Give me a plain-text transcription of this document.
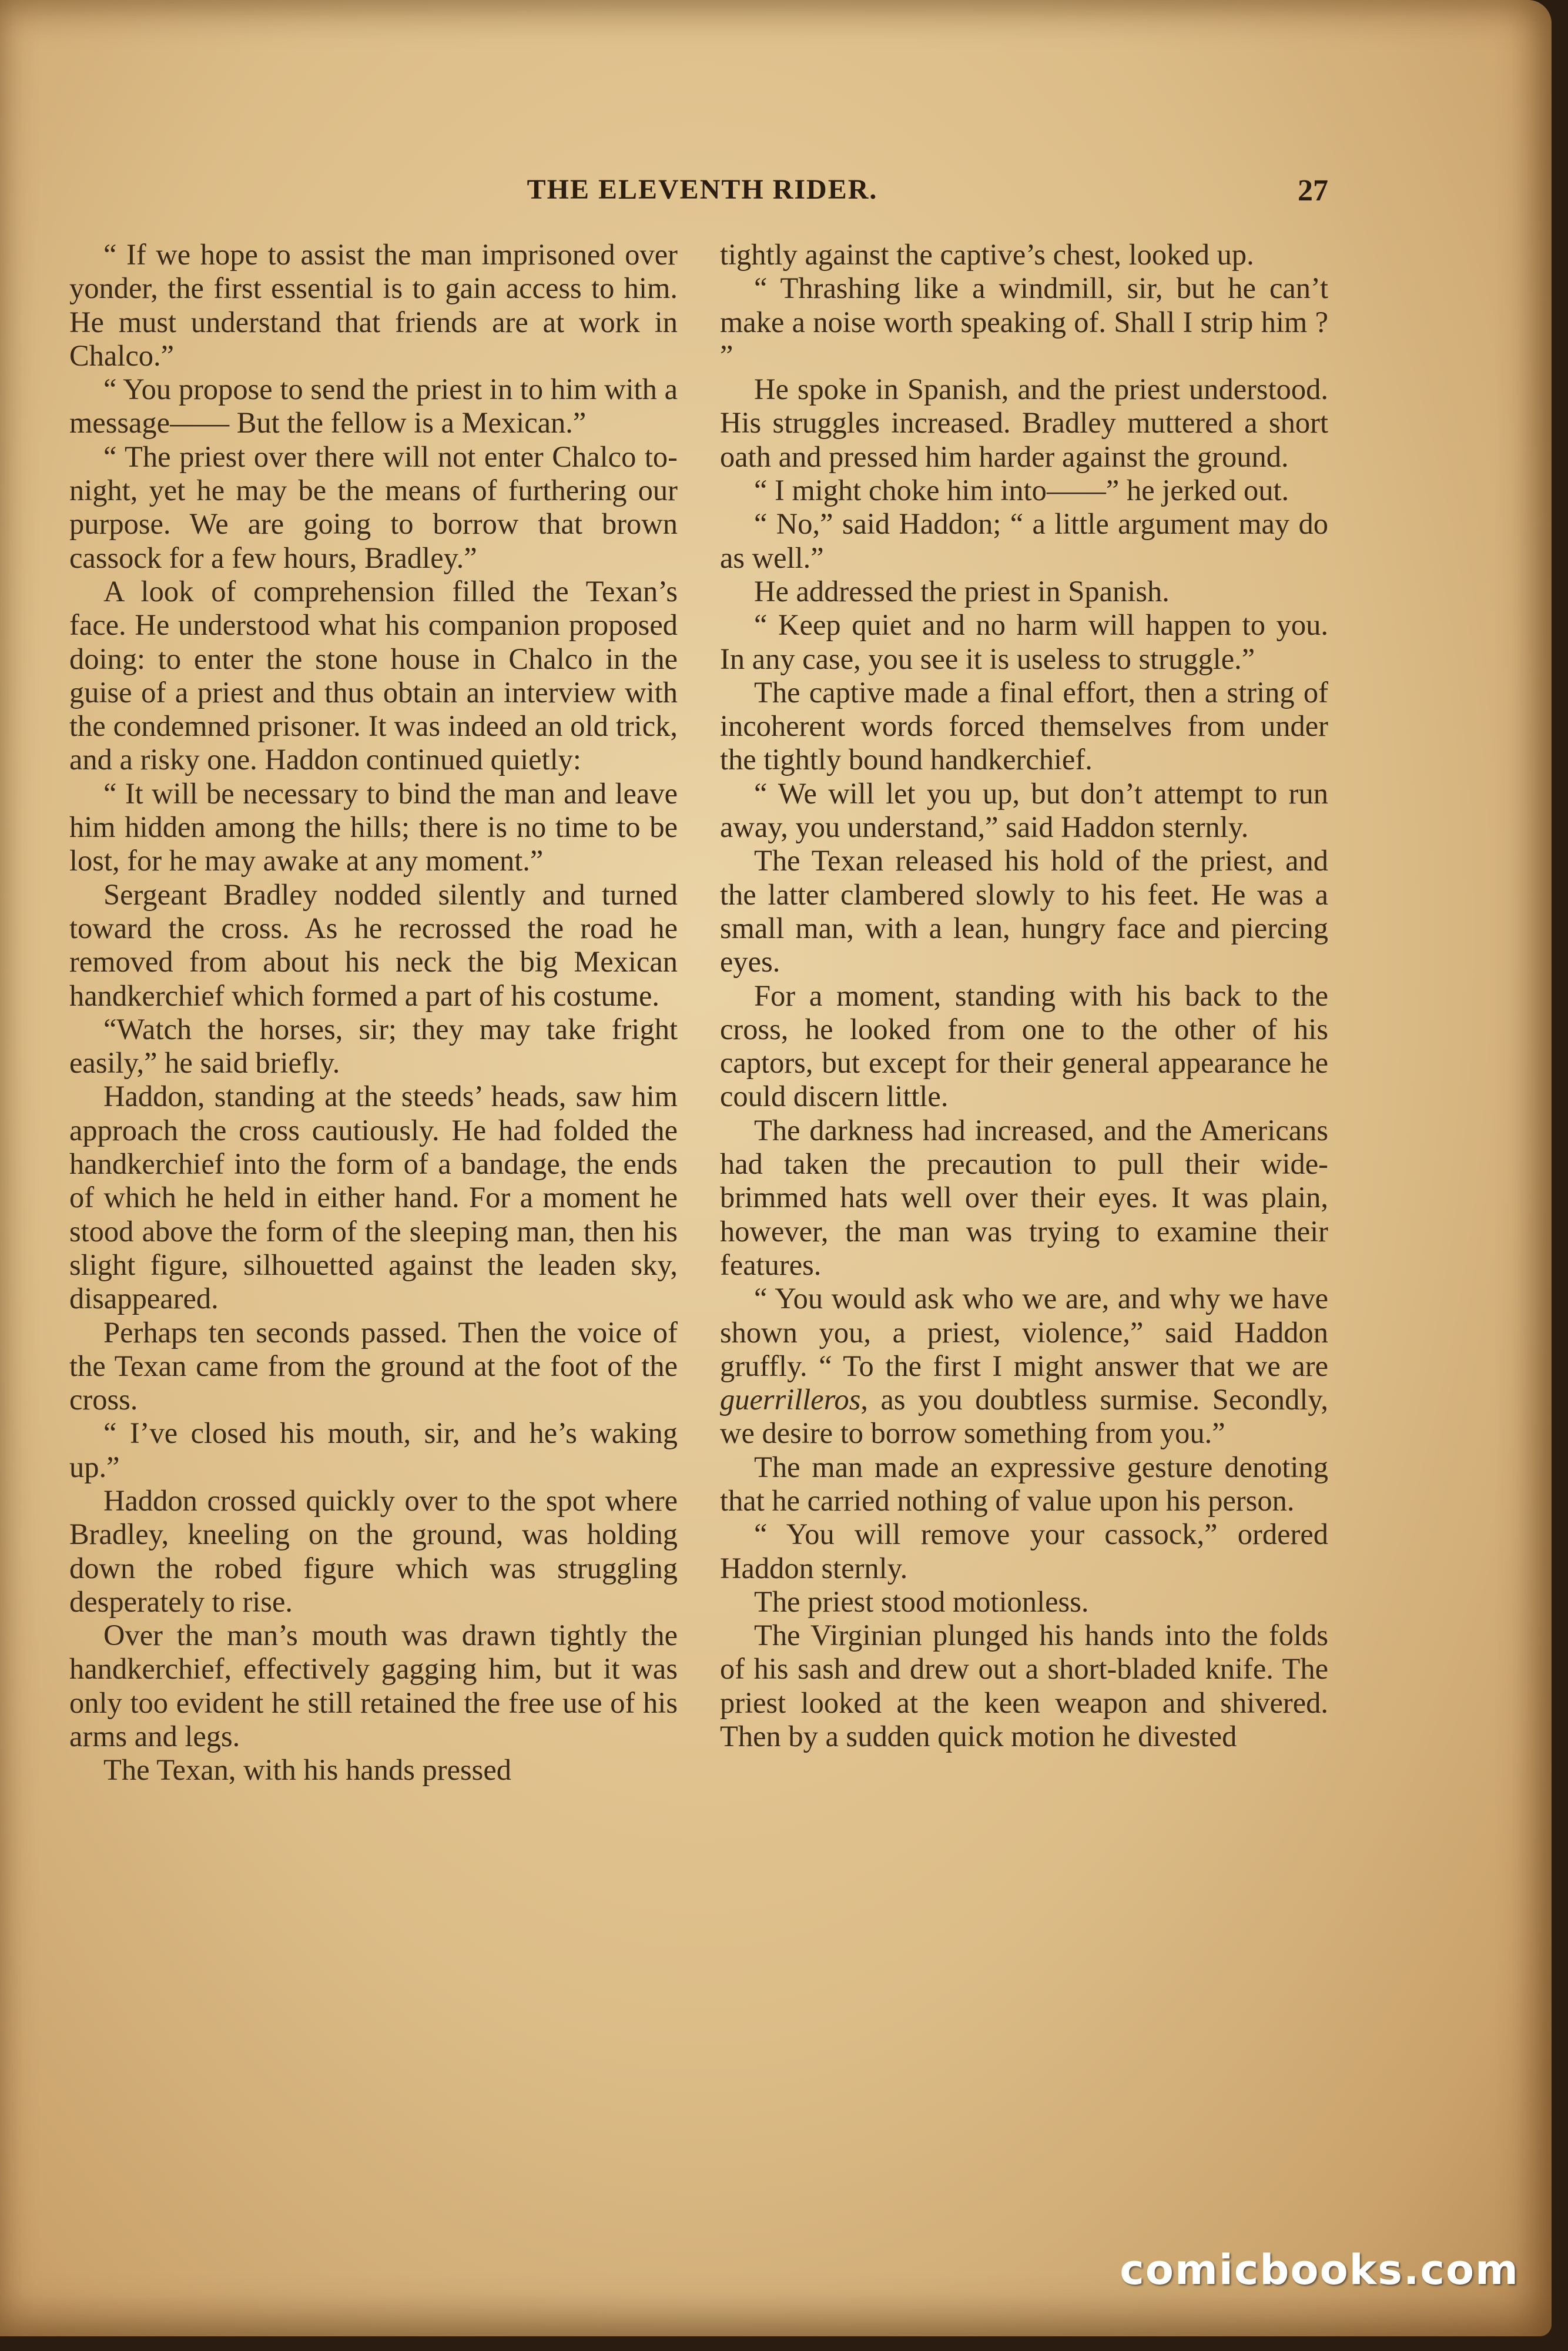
THE ELEVENTH RIDER.	27

“ If we hope to assist the man imprisoned over yonder, the first essential is to gain access to him. He must understand that friends are at work in Chalco.”

“ You propose to send the priest in to him with a message—— But the fellow is a Mexican.”

“ The priest over there will not enter Chalco to-night, yet he may be the means of furthering our purpose. We are going to borrow that brown cassock for a few hours, Bradley.”

A look of comprehension filled the Texan’s face. He understood what his companion proposed doing: to enter the stone house in Chalco in the guise of a priest and thus obtain an interview with the condemned prisoner. It was indeed an old trick, and a risky one. Haddon continued quietly:

“ It will be necessary to bind the man and leave him hidden among the hills; there is no time to be lost, for he may awake at any moment.”

Sergeant Bradley nodded silently and turned toward the cross. As he recrossed the road he removed from about his neck the big Mexican handkerchief which formed a part of his costume.

“Watch the horses, sir; they may take fright easily,” he said briefly.

Haddon, standing at the steeds’ heads, saw him approach the cross cautiously. He had folded the handkerchief into the form of a bandage, the ends of which he held in either hand. For a moment he stood above the form of the sleeping man, then his slight figure, silhouetted against the leaden sky, disappeared.

Perhaps ten seconds passed. Then the voice of the Texan came from the ground at the foot of the cross.

“ I’ve closed his mouth, sir, and he’s waking up.”

Haddon crossed quickly over to the spot where Bradley, kneeling on the ground, was holding down the robed figure which was struggling desperately to rise.

Over the man’s mouth was drawn tightly the handkerchief, effectively gagging him, but it was only too evident he still retained the free use of his arms and legs.

The Texan, with his hands pressed

tightly against the captive’s chest, looked up.

“ Thrashing like a windmill, sir, but he can’t make a noise worth speaking of. Shall I strip him ? ”

He spoke in Spanish, and the priest understood. His struggles increased. Bradley muttered a short oath and pressed him harder against the ground.

“ I might choke him into——” he jerked out.

“ No,” said Haddon; “ a little argument may do as well.”

He addressed the priest in Spanish.

“ Keep quiet and no harm will happen to you. In any case, you see it is useless to struggle.”

The captive made a final effort, then a string of incoherent words forced themselves from under the tightly bound handkerchief.

“ We will let you up, but don’t attempt to run away, you understand,” said Haddon sternly.

The Texan released his hold of the priest, and the latter clambered slowly to his feet. He was a small man, with a lean, hungry face and piercing eyes.

For a moment, standing with his back to the cross, he looked from one to the other of his captors, but except for their general appearance he could discern little.

The darkness had increased, and the Americans had taken the precaution to pull their wide-brimmed hats well over their eyes. It was plain, however, the man was trying to examine their features.

“ You would ask who we are, and why we have shown you, a priest, violence,” said Haddon gruffly. “ To the first I might answer that we are guerrilleros, as you doubtless surmise. Secondly, we desire to borrow something from you.”

The man made an expressive gesture denoting that he carried nothing of value upon his person.

“ You will remove your cassock,” ordered Haddon sternly.

The priest stood motionless.

The Virginian plunged his hands into the folds of his sash and drew out a short-bladed knife. The priest looked at the keen weapon and shivered. Then by a sudden quick motion he divested

comicbooks.com
